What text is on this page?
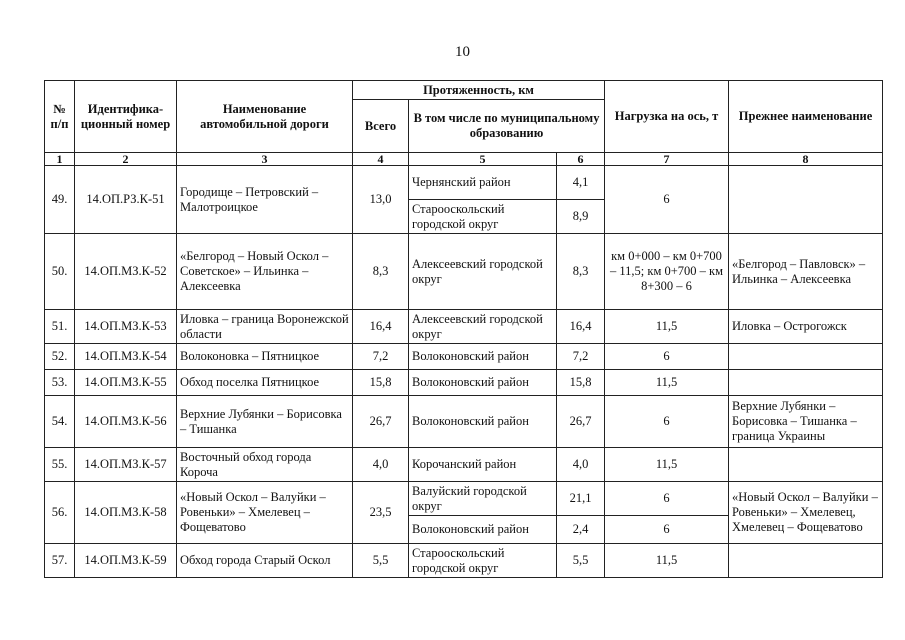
10
№ п/п	Идентифика-ционный номер	Наименование автомобильной дороги	Протяженность, км			Нагрузка на ось, т	Прежнее наименование
			Всего	В том числе по муниципальному образованию			
1	2	3	4	5	6	7	8
49.	14.ОП.РЗ.К-51	Городище – Петровский – Малотроицкое	13,0	Чернянский район	4,1	6	
				Старооскольский городской округ	8,9		
50.	14.ОП.МЗ.К-52	«Белгород – Новый Оскол – Советское» – Ильинка – Алексеевка	8,3	Алексеевский городской округ	8,3	км 0+000 – км 0+700 – 11,5; км 0+700 – км 8+300 – 6	«Белгород – Павловск» – Ильинка – Алексеевка
51.	14.ОП.МЗ.К-53	Иловка – граница Воронежской области	16,4	Алексеевский городской округ	16,4	11,5	Иловка – Острогожск
52.	14.ОП.МЗ.К-54	Волоконовка – Пятницкое	7,2	Волоконовский район	7,2	6	
53.	14.ОП.МЗ.К-55	Обход поселка Пятницкое	15,8	Волоконовский район	15,8	11,5	
54.	14.ОП.МЗ.К-56	Верхние Лубянки – Борисовка – Тишанка	26,7	Волоконовский район	26,7	6	Верхние Лубянки – Борисовка – Тишанка – граница Украины
55.	14.ОП.МЗ.К-57	Восточный обход города Короча	4,0	Корочанский район	4,0	11,5	
56.	14.ОП.МЗ.К-58	«Новый Оскол – Валуйки – Ровеньки» – Хмелевец – Фощеватово	23,5	Валуйский городской округ	21,1	6	«Новый Оскол – Валуйки – Ровеньки» – Хмелевец, Хмелевец – Фощеватово
				Волоконовский район	2,4	6	
57.	14.ОП.МЗ.К-59	Обход города Старый Оскол	5,5	Старооскольский городской округ	5,5	11,5	
